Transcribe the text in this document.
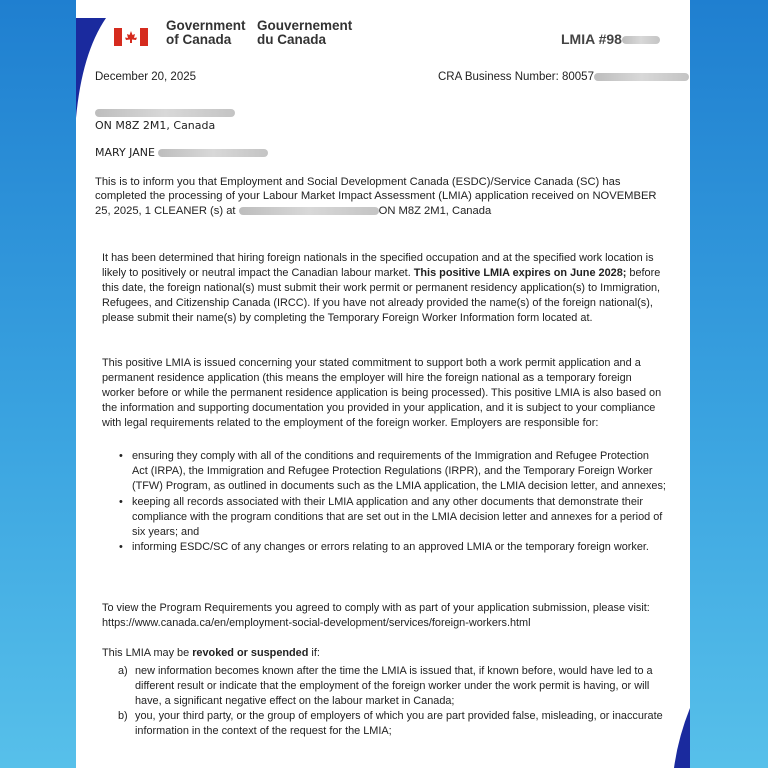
Government
of Canada
Gouvernement
du Canada	LMIA #98
December 20, 2025	CRA Business Number: 80057
ON M8Z 2M1, Canada
MARY JANE
This is to inform you that Employment and Social Development Canada (ESDC)/Service Canada (SC) has completed the processing of your Labour Market Impact Assessment (LMIA) application received on NOVEMBER 25, 2025, 1 CLEANER (s) at	ON M8Z 2M1, Canada
It has been determined that hiring foreign nationals in the specified occupation and at the specified work location is likely to positively or neutral impact the Canadian labour market. This positive LMIA expires on June 2028; before this date, the foreign national(s) must submit their work permit or permanent residency application(s) to Immigration, Refugees, and Citizenship Canada (IRCC). If you have not already provided the name(s) of the foreign national(s), please submit their name(s) by completing the Temporary Foreign Worker Information form located at.
This positive LMIA is issued concerning your stated commitment to support both a work permit application and a permanent residence application (this means the employer will hire the foreign national as a temporary foreign worker before or while the permanent residence application is being processed). This positive LMIA is also based on the information and supporting documentation you provided in your application, and it is subject to your compliance with legal requirements related to the employment of the foreign worker. Employers are responsible for:
• ensuring they comply with all of the conditions and requirements of the Immigration and Refugee Protection Act (IRPA), the Immigration and Refugee Protection Regulations (IRPR), and the Temporary Foreign Worker (TFW) Program, as outlined in documents such as the LMIA application, the LMIA decision letter, and annexes;
• keeping all records associated with their LMIA application and any other documents that demonstrate their compliance with the program conditions that are set out in the LMIA decision letter and annexes for a period of six years; and
• informing ESDC/SC of any changes or errors relating to an approved LMIA or the temporary foreign worker.
To view the Program Requirements you agreed to comply with as part of your application submission, please visit: https://www.canada.ca/en/employment-social-development/services/foreign-workers.html
This LMIA may be revoked or suspended if:
a) new information becomes known after the time the LMIA is issued that, if known before, would have led to a different result or indicate that the employment of the foreign worker under the work permit is having, or will have, a significant negative effect on the labour market in Canada;
b) you, your third party, or the group of employers of which you are part provided false, misleading, or inaccurate information in the context of the request for the LMIA;
